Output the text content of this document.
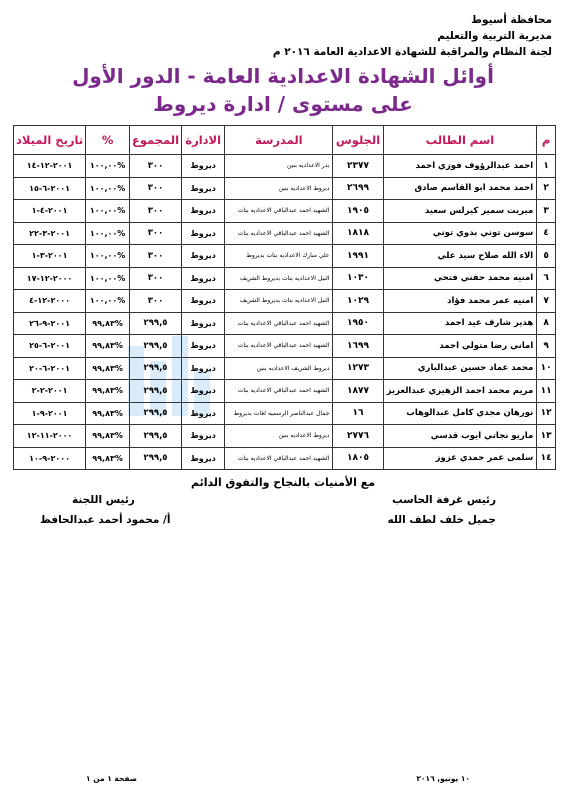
محافظة أسيوط
مديرية التربية والتعليم
لجنة النظام والمراقبة للشهادة الاعدادية العامة ٢٠١٦ م
أوائل الشهادة الاعدادية العامة - الدور الأول
على مستوى / ادارة ديروط
م	اسم الطالب	الجلوس	المدرسة	الادارة	المجموع	%	تاريخ الميلاد
١	احمد عبدالرؤوف فوزي احمد	٢٣٧٧	بدر الاعداديه بنين	ديروط	٣٠٠	%١٠٠,٠٠	٢٠٠١-١٢-١٤
٢	احمد محمد ابو القاسم صادق	٢٦٩٩	ديروط الاعداديه بنين	ديروط	٣٠٠	%١٠٠,٠٠	٢٠٠١-٦-١٥
٣	ميريت سمير كيرلس سعيد	١٩٠٥	الشهيد احمد عبدالباقي الاعداديه بنات	ديروط	٣٠٠	%١٠٠,٠٠	٢٠٠١-٤-١
٤	سوسن توني بدوي توني	١٨١٨	الشهيد احمد عبدالباقي الاعداديه بنات	ديروط	٣٠٠	%١٠٠,٠٠	٢٠٠١-٣-٢٢
٥	الاء الله صلاح سيد علي	١٩٩١	علي مبارك الاعداديه بنات بديروط	ديروط	٣٠٠	%١٠٠,٠٠	٢٠٠١-٣-١
٦	امنيه محمد حفني فتحي	١٠٣٠	النيل الاعداديه بنات بديروط الشريف	ديروط	٣٠٠	%١٠٠,٠٠	٢٠٠٠-١٢-١٧
٧	امنيه عمر محمد فؤاد	١٠٢٩	النيل الاعداديه بنات بديروط الشريف	ديروط	٣٠٠	%١٠٠,٠٠	٢٠٠٠-١٢-٤
٨	هدير شارف عيد احمد	١٩٥٠	الشهيد احمد عبدالباقي الاعداديه بنات	ديروط	٢٩٩,٥	%٩٩,٨٣	٢٠٠١-٩-٢٦
٩	اماني رضا متولي احمد	١٦٩٩	الشهيد احمد عبدالباقي الاعداديه بنات	ديروط	٢٩٩,٥	%٩٩,٨٣	٢٠٠١-٦-٢٥
١٠	محمد عماد حسين عبدالباري	١٢٧٣	ديروط الشريف الاعداديه بنين	ديروط	٢٩٩,٥	%٩٩,٨٣	٢٠٠١-٦-٢٠
١١	مريم محمد احمد الزهيري عبدالعزيز	١٨٧٧	الشهيد احمد عبدالباقي الاعداديه بنات	ديروط	٢٩٩,٥	%٩٩,٨٣	٢٠٠١-٢-٢
١٢	نورهان مجدي كامل عبدالوهاب	١٦	جمال عبدالناصر الرسميه لغات بديروط	ديروط	٢٩٩,٥	%٩٩,٨٣	٢٠٠١-٩-١
١٣	ماريو نجاتي ايوب قدسي	٢٧٧٦	ديروط الاعداديه بنين	ديروط	٢٩٩,٥	%٩٩,٨٣	٢٠٠٠-١١-١٢
١٤	سلمى عمر حمدي عزوز	١٨٠٥	الشهيد احمد عبدالباقي الاعداديه بنات	ديروط	٢٩٩,٥	%٩٩,٨٣	٢٠٠٠-٩-١٠
مع الأمنيات بالنجاح والتفوق الدائم
رئيس غرفة الحاسب
جميل خلف لطف الله
رئيس اللجنة
أ/ محمود أحمد عبدالحافظ
١٠ يونيو, ٢٠١٦
صفحة ١ من ١
